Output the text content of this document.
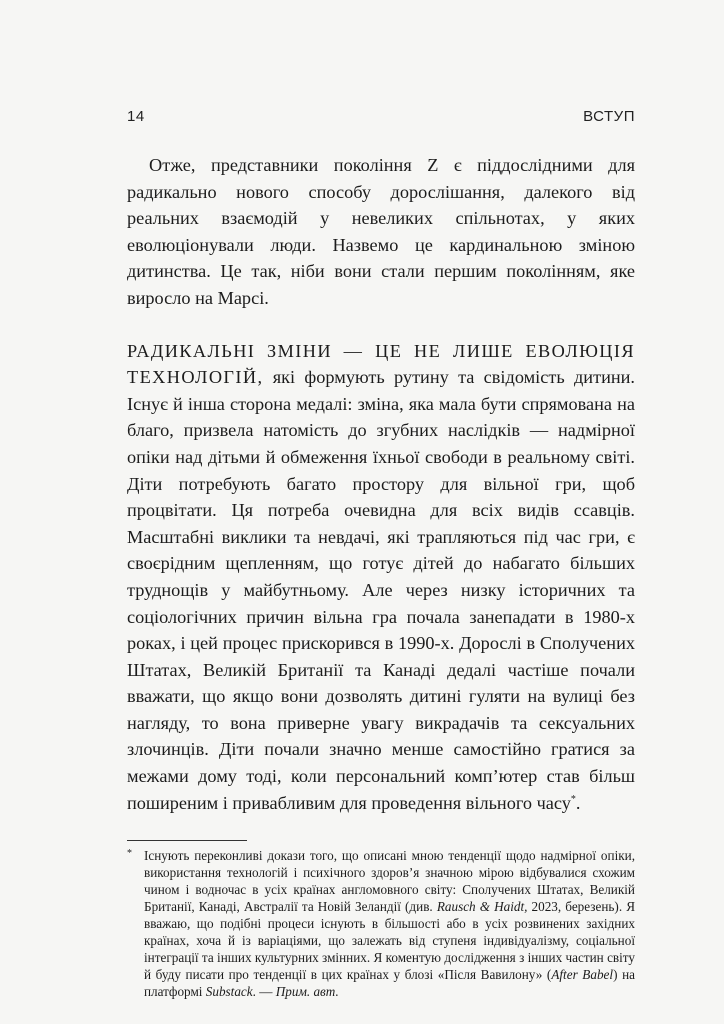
14	ВСТУП

Отже, представники покоління Z є піддослідними для радикально нового способу дорослішання, далекого від реальних взаємодій у невеликих спільнотах, у яких еволюціонували люди. Назвемо це кардинальною зміною дитинства. Це так, ніби вони стали першим поколінням, яке виросло на Марсі.

РАДИКАЛЬНІ ЗМІНИ — ЦЕ НЕ ЛИШЕ ЕВОЛЮЦІЯ ТЕХНОЛОГІЙ, які формують рутину та свідомість дитини. Існує й інша сторона медалі: зміна, яка мала бути спрямована на благо, призвела натомість до згубних наслідків — надмірної опіки над дітьми й обмеження їхньої свободи в реальному світі. Діти потребують багато простору для вільної гри, щоб процвітати. Ця потреба очевидна для всіх видів ссавців. Масштабні виклики та невдачі, які трапляються під час гри, є своєрідним щепленням, що готує дітей до набагато більших труднощів у майбутньому. Але через низку історичних та соціологічних причин вільна гра почала занепадати в 1980-х роках, і цей процес прискорився в 1990-х. Дорослі в Сполучених Штатах, Великій Британії та Канаді дедалі частіше почали вважати, що якщо вони дозволять дитині гуляти на вулиці без нагляду, то вона приверне увагу викрадачів та сексуальних злочинців. Діти почали значно менше самостійно гратися за межами дому тоді, коли персональний комп’ютер став більш поширеним і привабливим для проведення вільного часу*.

* Існують переконливі докази того, що описані мною тенденції щодо надмірної опіки, використання технологій і психічного здоров’я значною мірою відбувалися схожим чином і водночас в усіх країнах англомовного світу: Сполучених Штатах, Великій Британії, Канаді, Австралії та Новій Зеландії (див. Rausch & Haidt, 2023, березень). Я вважаю, що подібні процеси існують в більшості або в усіх розвинених західних країнах, хоча й із варіаціями, що залежать від ступеня індивідуалізму, соціальної інтеграції та інших культурних змінних. Я коментую дослідження з інших частин світу й буду писати про тенденції в цих країнах у блозі «Після Вавилону» (After Babel) на платформі Substack. — Прим. авт.
